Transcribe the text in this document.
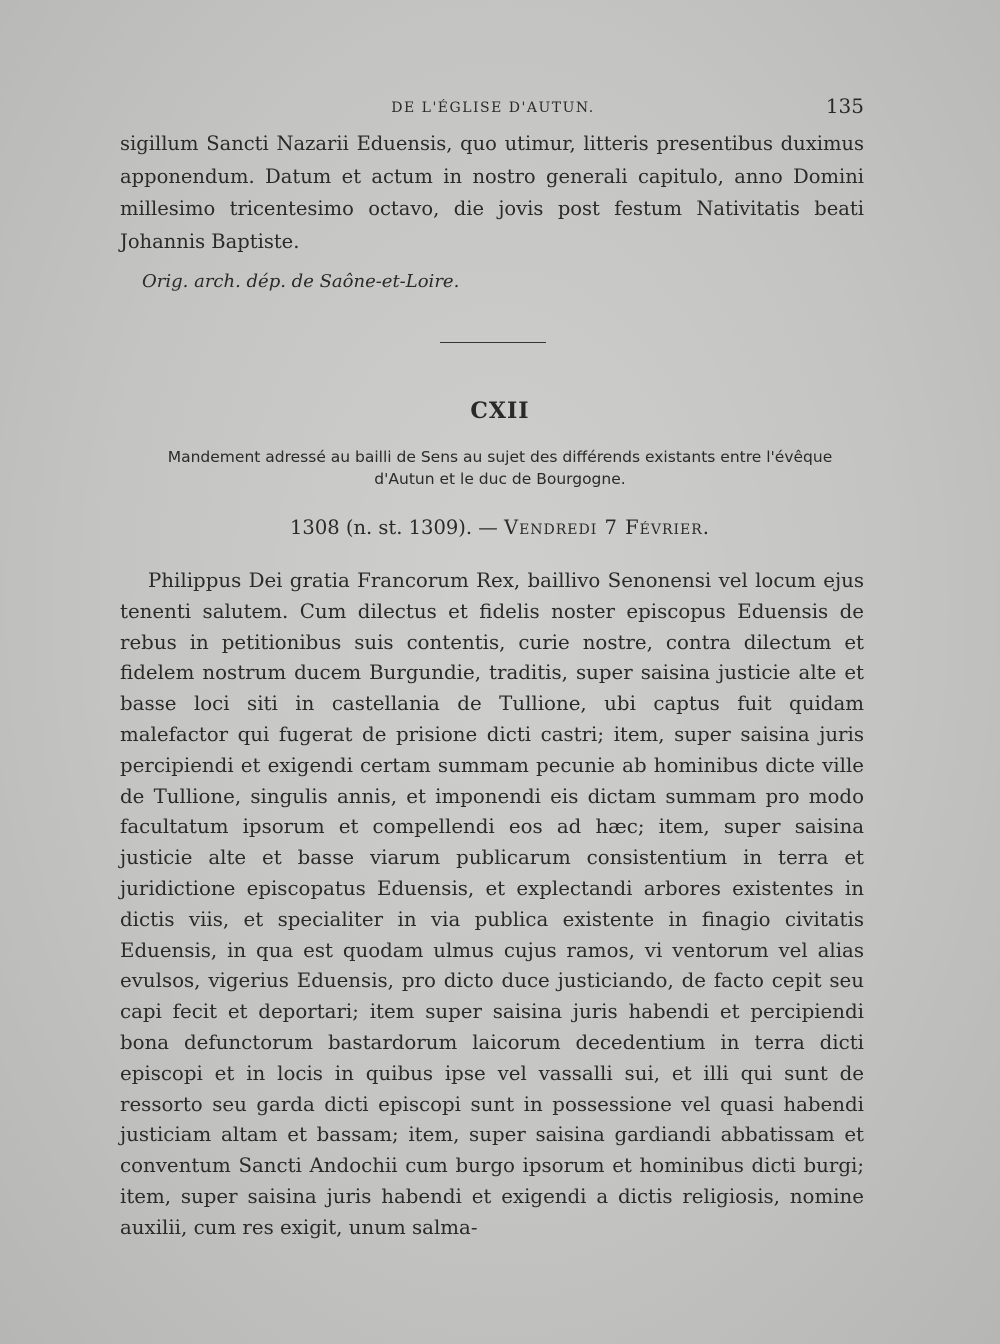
DE L'ÉGLISE D'AUTUN.	135

sigillum Sancti Nazarii Eduensis, quo utimur, litteris presentibus duximus apponendum. Datum et actum in nostro generali capitulo, anno Domini millesimo tricentesimo octavo, die jovis post festum Nativitatis beati Johannis Baptiste.

Orig. arch. dép. de Saône-et-Loire.

CXII

Mandement adressé au bailli de Sens au sujet des différends existants entre l'évêque d'Autun et le duc de Bourgogne.

1308 (n. st. 1309). — Vendredi 7 Février.

Philippus Dei gratia Francorum Rex, baillivo Senonensi vel locum ejus tenenti salutem. Cum dilectus et fidelis noster episcopus Eduensis de rebus in petitionibus suis contentis, curie nostre, contra dilectum et fidelem nostrum ducem Burgundie, traditis, super saisina justicie alte et basse loci siti in castellania de Tullione, ubi captus fuit quidam malefactor qui fugerat de prisione dicti castri; item, super saisina juris percipiendi et exigendi certam summam pecunie ab hominibus dicte ville de Tullione, singulis annis, et imponendi eis dictam summam pro modo facultatum ipsorum et compellendi eos ad hæc; item, super saisina justicie alte et basse viarum publicarum consistentium in terra et juridictione episcopatus Eduensis, et explectandi arbores existentes in dictis viis, et specialiter in via publica existente in finagio civitatis Eduensis, in qua est quodam ulmus cujus ramos, vi ventorum vel alias evulsos, vigerius Eduensis, pro dicto duce justiciando, de facto cepit seu capi fecit et deportari; item super saisina juris habendi et percipiendi bona defunctorum bastardorum laicorum decedentium in terra dicti episcopi et in locis in quibus ipse vel vassalli sui, et illi qui sunt de ressorto seu garda dicti episcopi sunt in possessione vel quasi habendi justiciam altam et bassam; item, super saisina gardiandi abbatissam et conventum Sancti Andochii cum burgo ipsorum et hominibus dicti burgi; item, super saisina juris habendi et exigendi a dictis religiosis, nomine auxilii, cum res exigit, unum salma-
